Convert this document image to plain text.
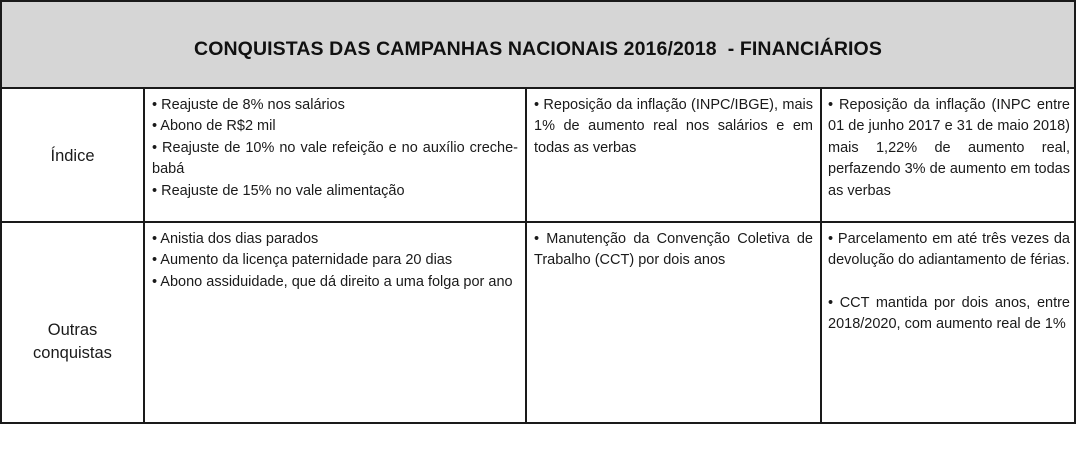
CONQUISTAS DAS CAMPANHAS NACIONAIS 2016/2018  - FINANCIÁRIOS
Índice
• Reajuste de 8% nos salários
• Abono de R$2 mil
• Reajuste de 10% no vale refeição e no auxílio creche-babá
• Reajuste de 15% no vale alimentação
• Reposição da inflação (INPC/IBGE), mais 1% de aumento real nos salários e em todas as verbas
• Reposição da inflação (INPC entre 01 de junho 2017 e 31 de maio 2018) mais 1,22% de aumento real, perfazendo 3% de aumento em todas as verbas
Outras conquistas
• Anistia dos dias parados
• Aumento da licença paternidade para 20 dias
• Abono assiduidade, que dá direito a uma folga por ano
• Manutenção da Convenção Coletiva de Trabalho (CCT) por dois anos
• Parcelamento em até três vezes da devolução do adiantamento de férias.
• CCT mantida por dois anos, entre 2018/2020, com aumento real de 1%
